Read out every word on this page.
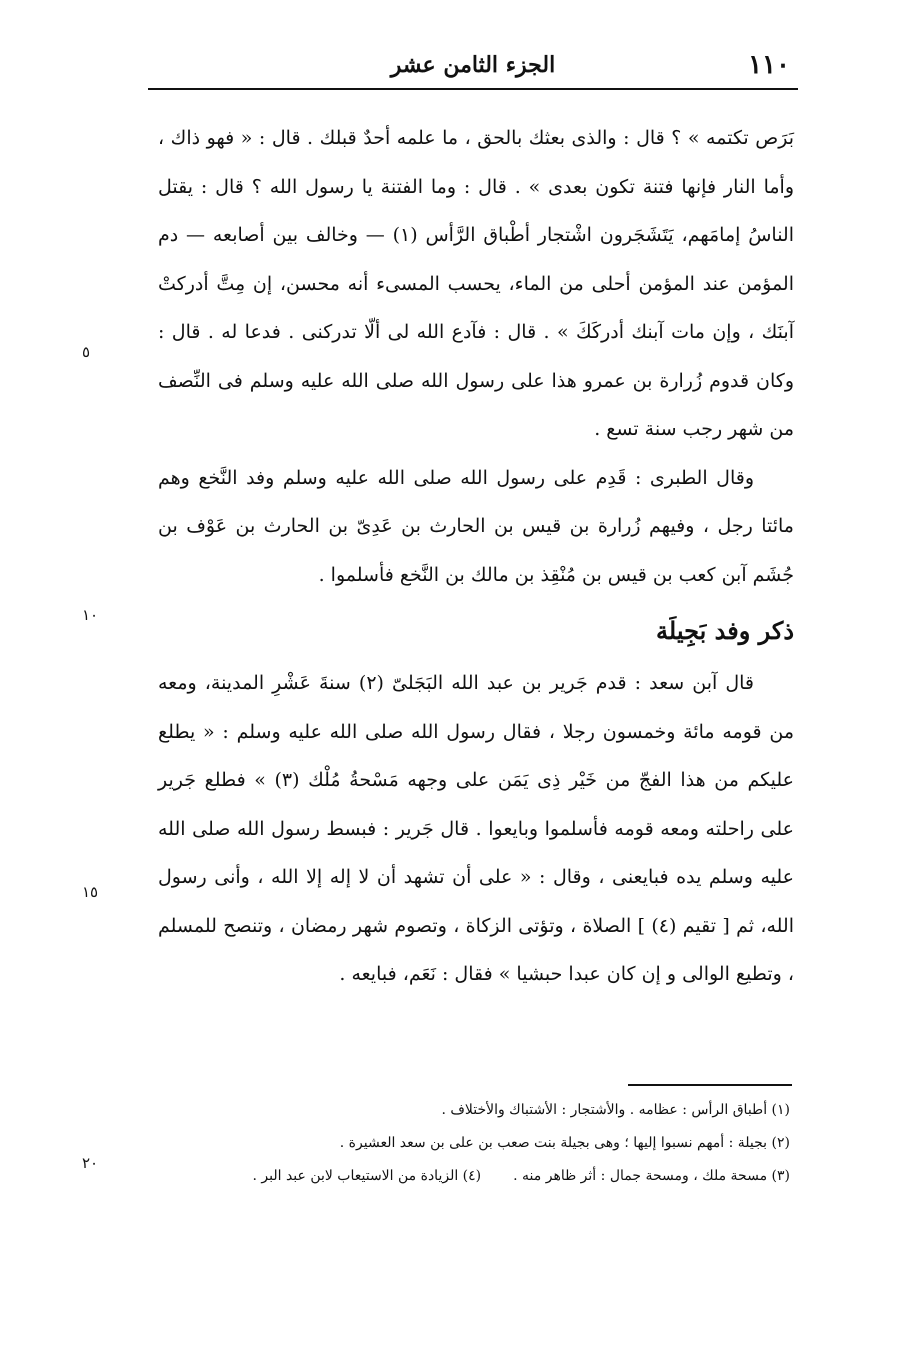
١١٠
الجزء الثامن عشر

بَرَص تكتمه » ؟ قال : والذى بعثك بالحق ، ما علمه أحدٌ قبلك . قال : « فهو ذاك ، وأما النار فإنها فتنة تكون بعدى » . قال : وما الفتنة يا رسول الله ؟ قال : يقتل الناسُ إمامَهم، يَتَشَجَرون اشْتجار أطْباق الرَّأس (١) — وخالف بين أصابعه — دم المؤمن عند المؤمن أحلى من الماء، يحسب المسىء أنه محسن، إن مِتَّ أدركتْ آبنَك ، وإن مات آبنك أدركَكَ » . قال : فآدع الله لى ألّا تدركنى . فدعا له . قال : وكان قدوم زُرارة بن عمرو هذا على رسول الله صلى الله عليه وسلم فى النِّصف من شهر رجب سنة تسع .

وقال الطبرى : قَدِم على رسول الله صلى الله عليه وسلم وفد النَّخع وهم مائتا رجل ، وفيهم زُرارة بن قيس بن الحارث بن عَدِىّ بن الحارث بن عَوْف بن جُشَم آبن كعب بن قيس بن مُنْقِذ بن مالك بن النَّخع فأسلموا .

ذكر وفد بَجِيلَة

قال آبن سعد : قدم جَرير بن عبد الله البَجَلىّ (٢) سنةَ عَشْرِ المدينة، ومعه من قومه مائة وخمسون رجلا ، فقال رسول الله صلى الله عليه وسلم : « يطلع عليكم من هذا الفجّ من خَيْر ذِى يَمَن على وجهه مَسْحةُ مُلْك (٣) » فطلع جَرير على راحلته ومعه قومه فأسلموا وبايعوا . قال جَرير : فبسط رسول الله صلى الله عليه وسلم يده فبايعنى ، وقال : « على أن تشهد أن لا إله إلا الله ، وأنى رسول الله، ثم [ تقيم (٤) ] الصلاة ، وتؤتى الزكاة ، وتصوم شهر رمضان ، وتنصح للمسلم ، وتطيع الوالى و إن كان عبدا حبشيا » فقال : نَعَم، فبايعه .

٥
١٠
١٥
٢٠

(١) أطباق الرأس : عظامه . والأشتجار : الأشتباك والأختلاف .

(٢) بجيلة : أمهم نسبوا إليها ؛ وهى بجيلة بنت صعب بن على بن سعد العشيرة .

(٣) مسحة ملك ، ومسحة جمال : أثر ظاهر منه .
(٤) الزيادة من الاستيعاب لابن عبد البر .
